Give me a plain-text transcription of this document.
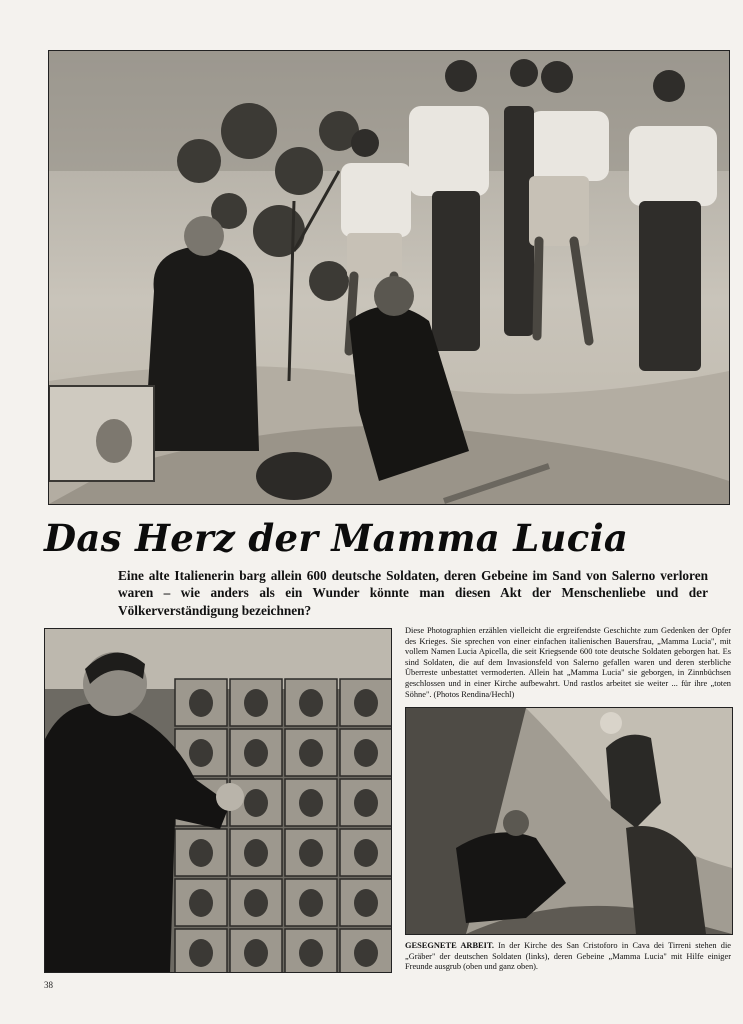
Das Herz der Mamma Lucia
Eine alte Italienerin barg allein 600 deutsche Soldaten, deren Gebeine im Sand von Salerno verloren waren – wie anders als ein Wunder könnte man diesen Akt der Menschenliebe und der Völkerverständigung bezeichnen?
Diese Photographien erzählen vielleicht die ergreifendste Geschichte zum Gedenken der Opfer des Krieges. Sie sprechen von einer einfachen italienischen Bauersfrau, „Mamma Lucia", mit vollem Namen Lucia Apicella, die seit Kriegsende 600 tote deutsche Soldaten geborgen hat. Es sind Soldaten, die auf dem Invasionsfeld von Salerno gefallen waren und deren sterbliche Überreste unbestattet vermoderten. Allein hat „Mamma Lucia" sie geborgen, in Zinnbüchsen geschlossen und in einer Kirche aufbewahrt. Und rastlos arbeitet sie weiter ... für ihre „toten Söhne". (Photos Rendina/Hechl)
GESEGNETE ARBEIT. In der Kirche des San Cristoforo in Cava dei Tirreni stehen die „Gräber" der deutschen Soldaten (links), deren Gebeine „Mamma Lucia" mit Hilfe einiger Freunde ausgrub (oben und ganz oben).
38
